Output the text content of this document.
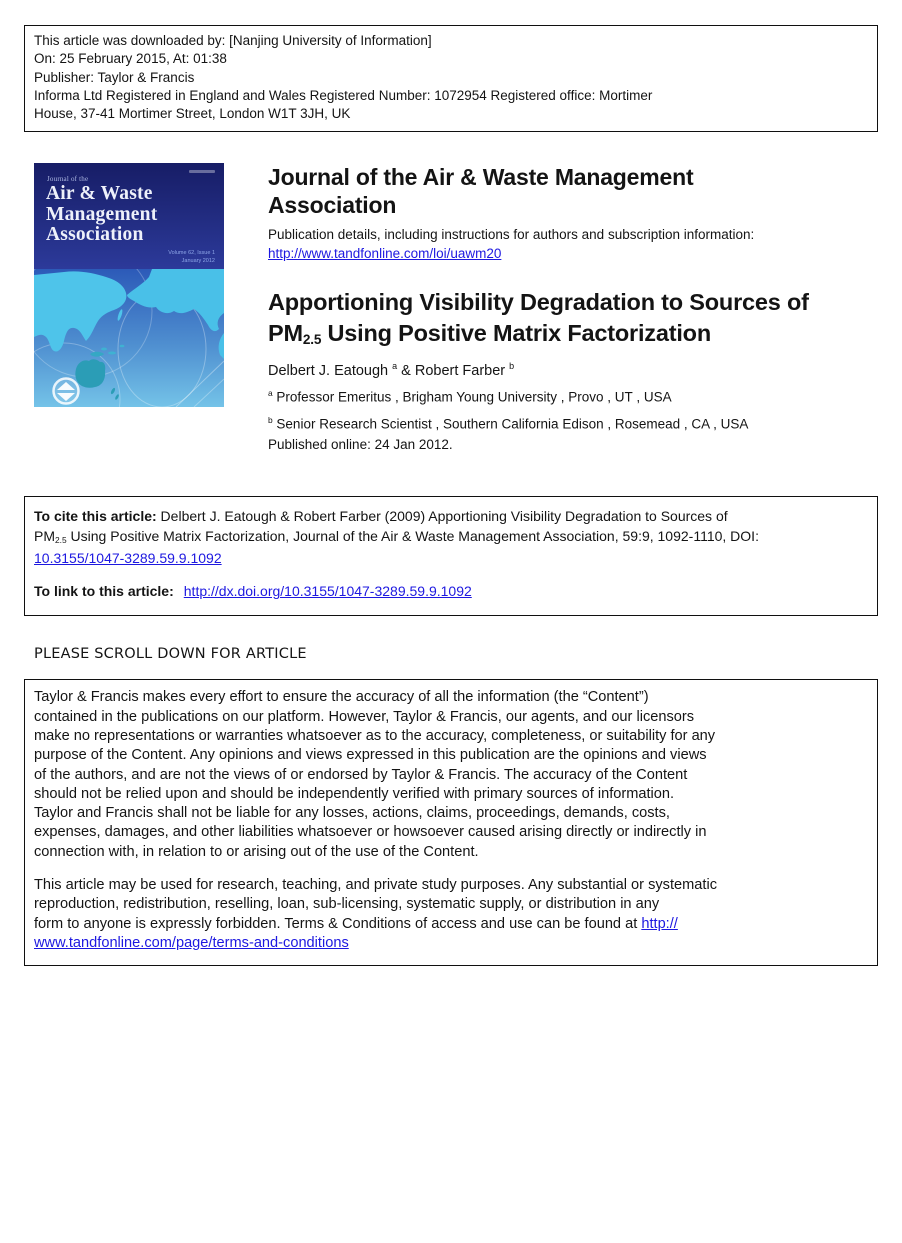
This article was downloaded by: [Nanjing University of Information]
On: 25 February 2015, At: 01:38
Publisher: Taylor & Francis
Informa Ltd Registered in England and Wales Registered Number: 1072954 Registered office: Mortimer
House, 37-41 Mortimer Street, London W1T 3JH, UK
Journal of the
Air & Waste
Management
Association
Volume 62, Issue 1
January 2012
Journal of the Air & Waste Management
Association
Publication details, including instructions for authors and subscription information:
http://www.tandfonline.com/loi/uawm20
Apportioning Visibility Degradation to Sources of
$PM_{2.5}$ Using Positive Matrix Factorization
Delbert J. Eatough $^a$ & Robert Farber $^b$
$^a$ Professor Emeritus , Brigham Young University , Provo , UT , USA
$^b$ Senior Research Scientist , Southern California Edison , Rosemead , CA , USA
Published online: 24 Jan 2012.

To cite this article: Delbert J. Eatough & Robert Farber (2009) Apportioning Visibility Degradation to Sources of
$PM_{2.5}$ Using Positive Matrix Factorization, Journal of the Air & Waste Management Association, 59:9, 1092-1110, DOI:
10.3155/1047-3289.59.9.1092

To link to this article: http://dx.doi.org/10.3155/1047-3289.59.9.1092

PLEASE SCROLL DOWN FOR ARTICLE
Taylor & Francis makes every effort to ensure the accuracy of all the information (the “Content”)
contained in the publications on our platform. However, Taylor & Francis, our agents, and our licensors
make no representations or warranties whatsoever as to the accuracy, completeness, or suitability for any
purpose of the Content. Any opinions and views expressed in this publication are the opinions and views
of the authors, and are not the views of or endorsed by Taylor & Francis. The accuracy of the Content
should not be relied upon and should be independently verified with primary sources of information.
Taylor and Francis shall not be liable for any losses, actions, claims, proceedings, demands, costs,
expenses, damages, and other liabilities whatsoever or howsoever caused arising directly or indirectly in
connection with, in relation to or arising out of the use of the Content.
This article may be used for research, teaching, and private study purposes. Any substantial or systematic
reproduction, redistribution, reselling, loan, sub-licensing, systematic supply, or distribution in any
form to anyone is expressly forbidden. Terms & Conditions of access and use can be found at http://
www.tandfonline.com/page/terms-and-conditions
